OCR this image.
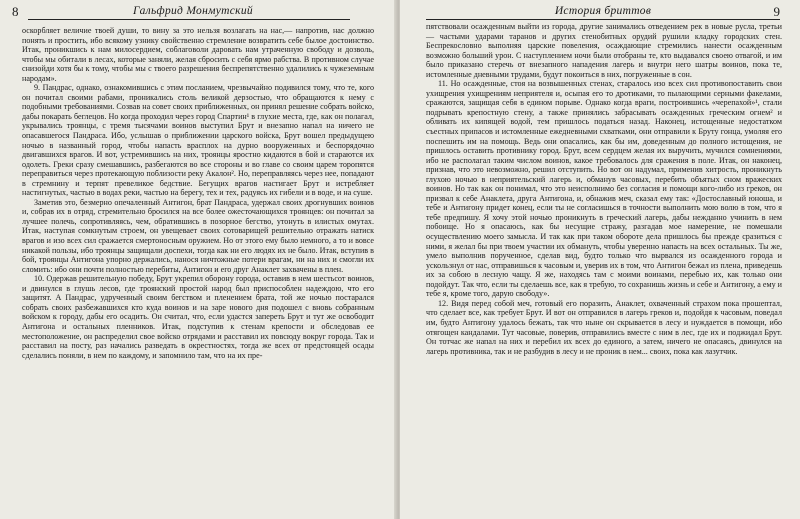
8	Гальфрид Монмутский

оскорбляет величие твоей души, то вину за это нельзя возлагать на нас,— напротив, нас должно понять и простить, ибо всякому узнику свойственно стремление возвратить себе былое достоинство. Итак, проникшись к нам милосердием, соблаговоли даровать нам утраченную свободу и дозволь, чтобы мы обитали в лесах, которые заняли, желая сбросить с себя ярмо рабства. В противном случае снизойди хотя бы к тому, чтобы мы с твоего разрешения беспрепятственно удалились к чужеземным народам».

9. Пандрас, однако, ознакомившись с этим посланием, чрезвычайно подивился тому, что те, кого он почитал своими рабами, проникались столь великой дерзостью, что обращаются к нему с подобными требованиями. Созвав на совет своих приближенных, он принял решение собрать войско, дабы покарать беглецов. Но когда проходил через город Спартин¹ в глухие места, где, как он полагал, укрывались троянцы, с тремя тысячами воинов выступил Брут и внезапно напал на ничего не опасавшегося Пандраса. Ибо, услышав о приближении царского войска, Брут вошел предыдущею ночью в названный город, чтобы напасть врасплох на дурно вооруженных и беспорядочно двигавшихся врагов. И вот, устремившись на них, троянцы яростно кидаются в бой и стараются их одолеть. Греки сразу смешавшись, разбегаются во все стороны и во главе со своим царем торопятся переправиться через протекающую поблизости реку Акалон². Но, переправляясь через нее, попадают в стремнину и терпят превеликое бедствие. Бегущих врагов настигает Брут и истребляет настигнутых, частью в водах реки, частью на берегу, тех и тех, радуясь их гибели и в воде, и на суше.

Заметив это, безмерно опечаленный Антигон, брат Пандраса, удержал своих дрогнувших воинов и, собрав их в отряд, стремительно бросился на все более ожесточающихся троянцев: он почитал за лучшее полечь, сопротивляясь, чем, обратившись в позорное бегство, утонуть в илистых омутах. Итак, наступая сомкнутым строем, он увещевает своих сотоварищей решительно отражать натиск врагов и изо всех сил сражается смертоносным оружием. Но от этого ему было немного, а то и вовсе никакой пользы, ибо троянцы защищали доспехи, тогда как ни его людях их не было. Итак, вступив в бой, троянцы Антигона упорно держались, нанося ничтожные потери врагам, ни на них и смогли их сломить: ибо они почти полностью перебиты, Антигон и его друг Анаклет захвачены в плен.

10. Одержав решительную победу, Брут укрепил оборону города, оставив в нем шестьсот воинов, и двинулся в глушь лесов, где троянский простой народ был приспособлен надеждою, что его защитят. А Пандрас, удрученный своим бегством и пленением брата, той же ночью постарался собрать своих разбежавшихся кто куда воинов и на заре нового дня подошел с вновь собранным войском к городу, дабы его осадить. Он считал, что, если удастся запереть Брут и тут же освободит Антигона и остальных пленников. Итак, подступив к стенам крепости и обследовав ее местоположение, он распределил свое войско отрядами и расставил их повсюду вокруг города. Так и расставил на посту, раз начались разведать в окрестностях, тогда же всех от предстоящей осады сделались поняли, в нем по каждому, и запомнило там, что на их пре-

История бриттов	9

пятствовали осажденным выйти из города, другие занимались отведением рек в новые русла, третьи — частыми ударами таранов и других стенобитных орудий рушили кладку городских стен. Беспрекословно выполняя царские повеления, осаждающие стремились нанести осажденным возможно больший урон. С наступлением ночи были отобраны те, кто выдавался своею отвагой, и им было приказано стеречь от внезапного нападения лагерь и внутри него шатры воинов, пока те, истомленные дневными трудами, будут покоиться в них, погруженные в сон.

11. Но осажденные, стоя на возвышенных стенах, старалось изо всех сил противопоставить свои ухищрения ухищрениям неприятеля и, осыпая его то дротиками, то пылающими серными факелами, сражаются, защищая себя в едином порыве. Однако когда враги, построившись «черепахой»¹, стали подрывать крепостную стену, а также принялись забрасывать осажденных греческим огнем² и обливать их кипящей водой, тем пришлось податься назад. Наконец, истощенные недостатком съестных припасов и истомленные ежедневными схватками, они отправили к Бруту гонца, умоляя его поспешить им на помощь. Ведь они опасались, как бы им, доведенным до полного истощения, не пришлось оставить противнику город. Брут, всем сердцем желая их выручить, мучился сомнениями, ибо не располагал таким числом воинов, какое требовалось для сражения в поле. Итак, он наконец, признав, что это невозможно, решил отступить. Но вот он надумал, применив хитрость, проникнуть глухою ночью в неприятельский лагерь и, обманув часовых, перебить объятых сном вражеских воинов. Но так как он понимал, что это неисполнимо без согласия и помощи кого-либо из греков, он призвал к себе Анаклета, друга Антигона, и, обнажив меч, сказал ему так: «Достославный юноша, и тебе и Антигону придет конец, если ты не согласишься в точности выполнить мою волю в том, что я тебе предпишу. Я хочу этой ночью проникнуть в греческий лагерь, дабы нежданно учинить в нем побоище. Но я опасаюсь, как бы несущие стражу, разгадав мое намерение, не помешали осуществлению моего замысла. И так как при таком обороте дела пришлось бы прежде сразиться с ними, я желал бы при твоем участии их обмануть, чтобы уверенно напасть на всех остальных. Ты же, умело выполнив порученное, сделав вид, будто только что вырвался из осажденного города и ускользнул от нас, отправишься к часовым и, уверив их в том, что Антигон бежал из плена, приведешь их за собою в лесную чащу. Я же, находясь там с моими воинами, перебью их, как только они подойдут. Так что, если ты сделаешь все, как я требую, то сохранишь жизнь и себе и Антигону, а ему и тебе я, кроме того, дарую свободу».

12. Видя перед собой меч, готовый его поразить, Анаклет, охваченный страхом пока прошептал, что сделает все, как требует Брут. И вот он отправился в лагерь греков и, подойдя к часовым, поведал им, будто Антигону удалось бежать, так что ныне он скрывается в лесу и нуждается в помощи, ибо отягощен кандалами. Тут часовые, поверив, отправились вместе с ним в лес, где их и поджидал Брут. Он тотчас же напал на них и перебил их всех до единого, а затем, ничего не опасаясь, двинулся на лагерь противника, так и не разбудив в лесу и не проник в нем... своих, пока как лазутчик.
